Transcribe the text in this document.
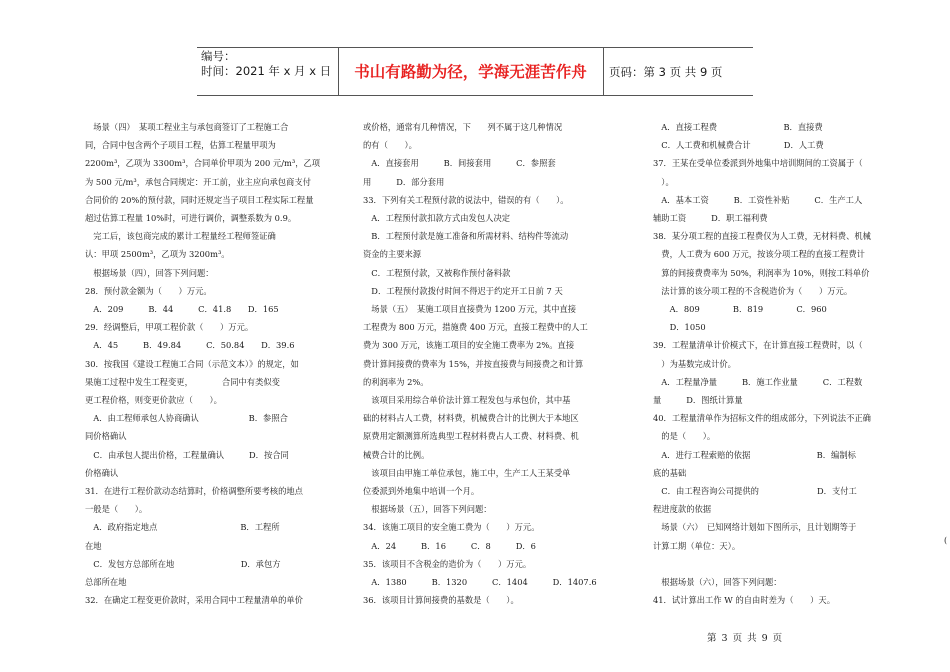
编号：
时间：2021 年 x 月 x 日	书山有路勤为径，学海无涯苦作舟	页码：第 3 页 共 9 页

　场景（四）　某项工程业主与承包商签订了工程施工合

同，合同中包含两个子项目工程，估算工程量甲项为

2200m³，乙项为 3300m³，合同单价甲项为 200 元/m³，乙项

为 500 元/m³，承包合同规定：开工前，业主应向承包商支付

合同价的 20%的预付款，同时还规定当子项目工程实际工程量

超过估算工程量 10%时，可进行调价，调整系数为 0.9。

　完工后，该包商完成的累计工程量经工程师签证确

认：甲项 2500m³，乙项为 3200m³。

　根据场景（四），回答下列问题：

28．预付款金额为（　　）万元。

　A．209　　　B．44　　　C．41.8　　D．165

29．经调整后，甲项工程价款（　　）万元。

　A．45　　　B．49.84　　　C．50.84　　D．39.6

30．按我国《建设工程施工合同（示范文本）》的规定，如

果施工过程中发生工程变更，　　　　合同中有类似变

更工程价格，则变更价款应（　　）。

　A．由工程师承包人协商确认　　　　　　B．参照合

同价格确认

　C．由承包人提出价格，工程量确认　　　D．按合同

价格确认

31．在进行工程价款动态结算时，价格调整所要考核的地点

一般是（　　）。

　A．政府指定地点　　　　　　　　　　B．工程所

在地

　C．发包方总部所在地　　　　　　　　D．承包方

总部所在地

32．在确定工程变更价款时，采用合同中工程量清单的单价

或价格，通常有几种情况，下　　列不属于这几种情况

的有（　　）。

　A．直接套用　　　B．间接套用　　　C．参照套

用　　　D．部分套用

33．下列有关工程预付款的说法中，错误的有（　　）。

　A．工程预付款扣款方式由发包人决定

　B．工程预付款是施工准备和所需材料、结构件等流动

资金的主要来源

　C．工程预付款，又被称作预付备料款

　D．工程预付款拨付时间不得迟于约定开工日前 7 天

　场景（五）　某施工项目直接费为 1200 万元，其中直接

工程费为 800 万元，措施费 400 万元，直接工程费中的人工

费为 300 万元，该施工项目的安全施工费率为 2%。直接

费计算间接费的费率为 15%，并按直接费与间接费之和计算

的利润率为 2%。

　该项目采用综合单价法计算工程发包与承包价，其中基

础的材料占人工费，材料费，机械费合计的比例大于本地区

原费用定额测算所选典型工程材料费占人工费、材料费、机

械费合计的比例。

　该项目由甲施工单位承包，施工中，生产工人王某受单

位委派到外地集中培训一个月。

　根据场景（五），回答下列问题：

34．该施工项目的安全施工费为（　　）万元。

　A．24　　　B．16　　　C．8　　　D．6

35．该项目不含税金的造价为（　　）万元。

　A．1380　　　B．1320　　　C．1404　　　D．1407.6

36．该项目计算间接费的基数是（　　）。

　A．直接工程费　　　　　　　　B．直接费

　C．人工费和机械费合计　　　　D．人工费

37．王某在受单位委派到外地集中培训期间的工资属于（

　）。

　A．基本工资　　　B．工资性补贴　　　C．生产工人

辅助工资　　　D．职工福利费

38．某分项工程的直接工程费仅为人工费，无材料费、机械

　费，人工费为 600 万元，按该分项工程的直接工程费计

　算的间接费费率为 50%，利润率为 10%，则按工料单价

　法计算的该分项工程的不含税造价为（　　）万元。

　　A．809　　　　B．819　　　　C．960

　　D．1050

39．工程量清单计价模式下，在计算直接工程费时，以（

　）为基数完成计价。

　A．工程量净量　　　B．施工作业量　　　C．工程数

量　　　D．图纸计算量

40．工程量清单作为招标文件的组成部分，下列说法不正确

　的是（　　）。

　A．进行工程索赔的依据　　　　　　　　B．编制标

底的基础

　C．由工程咨询公司提供的　　　　　　　D．支付工

程进度款的依据

　场景（六）　已知网络计划如下图所示，且计划期等于

计算工期（单位：天）。

　根据场景（六），回答下列问题：

41．试计算出工作 W 的自由时差为（　　）天。

第 3 页 共 9 页
(
